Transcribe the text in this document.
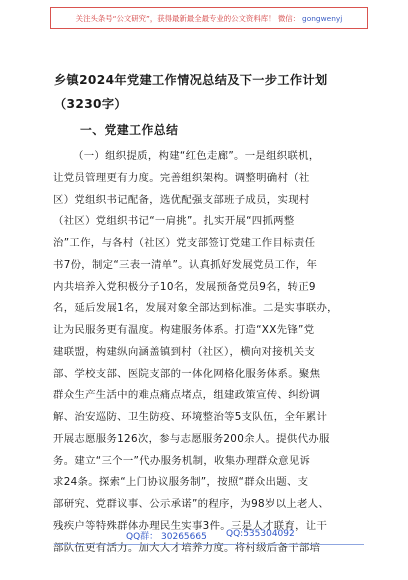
关注头条号“公文研究”，获得最新最全最专业的公文资料库！ 微信： gongwenyj
乡镇2024年党建工作情况总结及下一步工作计划（3230字）
一、党建工作总结
（一）组织提质，构建“红色走廊”。一是组织联机，
让党员管理更有力度。完善组织架构。调整明确村（社
区）党组织书记配备，选优配强支部班子成员，实现村
（社区）党组织书记“一肩挑”。扎实开展“四抓两整
治”工作，与各村（社区）党支部签订党建工作目标责任
书7份，制定“三表一清单”。认真抓好发展党员工作，年
内共培养入党积极分子10名，发展预备党员9名，转正9
名，延后发展1名，发展对象全部达到标准。二是实事联办，
让为民服务更有温度。构建服务体系。打造“XX先锋”党
建联盟，构建纵向涵盖镇到村（社区），横向对接机关支
部、学校支部、医院支部的一体化网格化服务体系。聚焦
群众生产生活中的难点痛点堵点，组建政策宣传、纠纷调
解、治安巡防、卫生防疫、环境整治等5支队伍，全年累计
开展志愿服务126次，参与志愿服务200余人。提供代办服
务。建立“三个一”代办服务机制，收集办理群众意见诉
求24条。探索“上门协议服务制”，按照“群众出题、支
部研究、党群议事、公示承诺”的程序，为98岁以上老人、
残疾户等特殊群体办理民生实事3件。三是人才联育，让干
部队伍更有活力。加大人才培养力度。将村级后备干部培
QQ群： 30265665 QQ:535304092
